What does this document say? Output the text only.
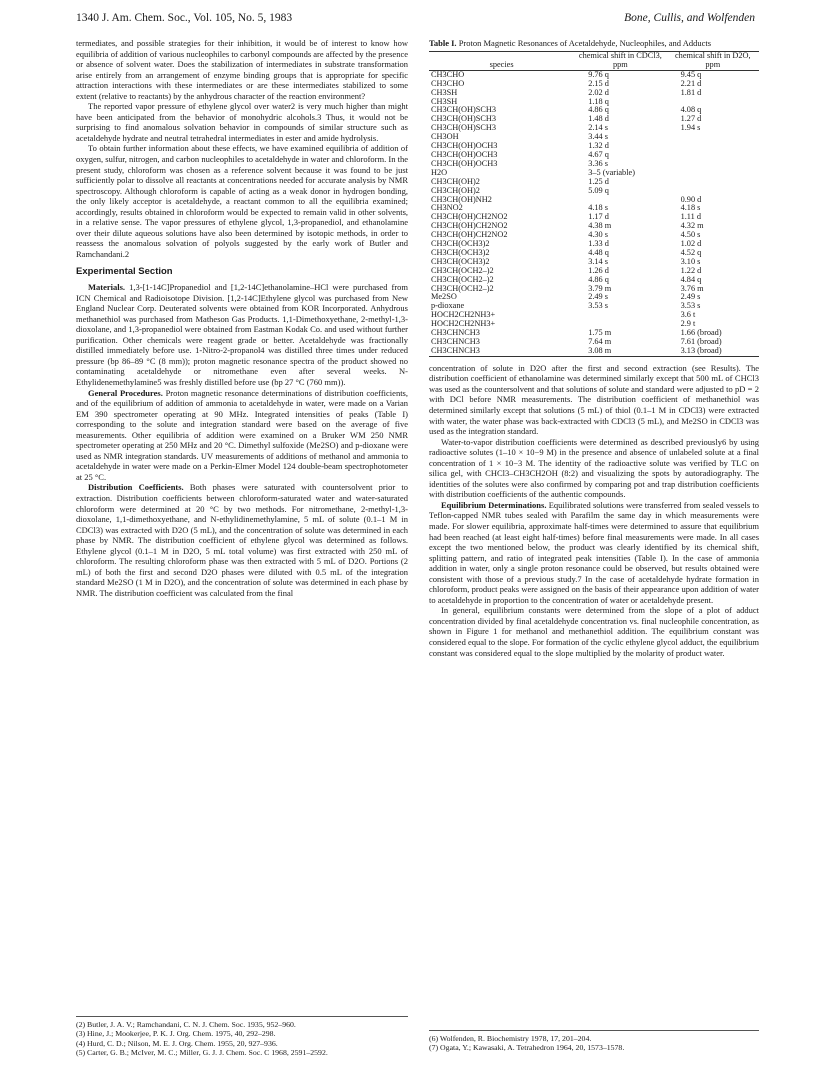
1340 J. Am. Chem. Soc., Vol. 105, No. 5, 1983	Bone, Cullis, and Wolfenden

termediates, and possible strategies for their inhibition, it would be of interest to know how equilibria of addition of various nucleophiles to carbonyl compounds are affected by the presence or absence of solvent water. Does the stabilization of intermediates in substrate transformation arise entirely from an arrangement of enzyme binding groups that is appropriate for specific attraction interactions with these intermediates or are these intermediates stabilized to some extent (relative to reactants) by the anhydrous character of the reaction environment?

The reported vapor pressure of ethylene glycol over water2 is very much higher than might have been anticipated from the behavior of monohydric alcohols.3 Thus, it would not be surprising to find anomalous solvation behavior in compounds of similar structure such as acetaldehyde hydrate and neutral tetrahedral intermediates in ester and amide hydrolysis.

To obtain further information about these effects, we have examined equilibria of addition of oxygen, sulfur, nitrogen, and carbon nucleophiles to acetaldehyde in water and chloroform. In the present study, chloroform was chosen as a reference solvent because it was found to be just sufficiently polar to dissolve all reactants at concentrations needed for accurate analysis by NMR spectroscopy. Although chloroform is capable of acting as a weak donor in hydrogen bonding, the only likely acceptor is acetaldehyde, a reactant common to all the equilibria examined; accordingly, results obtained in chloroform would be expected to remain valid in other solvents, in a relative sense. The vapor pressures of ethylene glycol, 1,3-propanediol, and ethanolamine over their dilute aqueous solutions have also been determined by isotopic methods, in order to reassess the anomalous solvation of polyols suggested by the early work of Butler and Ramchandani.2

Experimental Section

Materials. 1,3-[1-14C]Propanediol and [1,2-14C]ethanolamine–HCl were purchased from ICN Chemical and Radioisotope Division. [1,2-14C]Ethylene glycol was purchased from New England Nuclear Corp. Deuterated solvents were obtained from KOR Incorporated. Anhydrous methanethiol was purchased from Matheson Gas Products. 1,1-Dimethoxyethane, 2-methyl-1,3-dioxolane, and 1,3-propanediol were obtained from Eastman Kodak Co. and used without further purification. Other chemicals were reagent grade or better. Acetaldehyde was fractionally distilled immediately before use. 1-Nitro-2-propanol4 was distilled three times under reduced pressure (bp 86–89 °C (8 mm)); proton magnetic resonance spectra of the product showed no contaminating acetaldehyde or nitromethane even after several weeks. N-Ethylidenemethylamine5 was freshly distilled before use (bp 27 °C (760 mm)).

General Procedures. Proton magnetic resonance determinations of distribution coefficients, and of the equilibrium of addition of ammonia to acetaldehyde in water, were made on a Varian EM 390 spectrometer operating at 90 MHz. Integrated intensities of peaks (Table I) corresponding to the solute and integration standard were based on the average of five measurements. Other equilibria of addition were examined on a Bruker WM 250 NMR spectrometer operating at 250 MHz and 20 °C. Dimethyl sulfoxide (Me2SO) and p-dioxane were used as NMR integration standards. UV measurements of additions of methanol and ammonia to acetaldehyde in water were made on a Perkin-Elmer Model 124 double-beam spectrophotometer at 25 °C.

Distribution Coefficients. Both phases were saturated with countersolvent prior to extraction. Distribution coefficients between chloroform-saturated water and water-saturated chloroform were determined at 20 °C by two methods. For nitromethane, 2-methyl-1,3-dioxolane, 1,1-dimethoxyethane, and N-ethylidinemethylamine, 5 mL of solute (0.1–1 M in CDCl3) was extracted with D2O (5 mL), and the concentration of solute was determined in each phase by NMR. The distribution coefficient of ethylene glycol was determined as follows. Ethylene glycol (0.1–1 M in D2O, 5 mL total volume) was first extracted with 250 mL of chloroform. The resulting chloroform phase was then extracted with 5 mL of D2O. Portions (2 mL) of both the first and second D2O phases were diluted with 0.5 mL of the integration standard Me2SO (1 M in D2O), and the concentration of solute was determined in each phase by NMR. The distribution coefficient was calculated from the final

(2) Butler, J. A. V.; Ramchandani, C. N. J. Chem. Soc. 1935, 952–960.

(3) Hine, J.; Mookerjee, P. K. J. Org. Chem. 1975, 40, 292–298.

(4) Hurd, C. D.; Nilson, M. E. J. Org. Chem. 1955, 20, 927–936.

(5) Carter, G. B.; McIver, M. C.; Miller, G. J. J. Chem. Soc. C 1968, 2591–2592.

Table I. Proton Magnetic Resonances of Acetaldehyde, Nucleophiles, and Adducts
species	chemical shift in CDCl3, ppm	chemical shift in D2O, ppm
CH3CHO	9.76 q	9.45 q
CH3CHO	2.15 d	2.21 d
CH3SH	2.02 d	1.81 d
CH3SH	1.18 q	
CH3CH(OH)SCH3	4.86 q	4.08 q
CH3CH(OH)SCH3	1.48 d	1.27 d
CH3CH(OH)SCH3	2.14 s	1.94 s
CH3OH	3.44 s	
CH3CH(OH)OCH3	1.32 d	
CH3CH(OH)OCH3	4.67 q	
CH3CH(OH)OCH3	3.36 s	
H2O	3–5 (variable)	
CH3CH(OH)2	1.25 d	
CH3CH(OH)2	5.09 q	
CH3CH(OH)NH2		0.90 d
CH3NO2	4.18 s	4.18 s
CH3CH(OH)CH2NO2	1.17 d	1.11 d
CH3CH(OH)CH2NO2	4.38 m	4.32 m
CH3CH(OH)CH2NO2	4.30 s	4.50 s
CH3CH(OCH3)2	1.33 d	1.02 d
CH3CH(OCH3)2	4.48 q	4.52 q
CH3CH(OCH3)2	3.14 s	3.10 s
CH3CH(OCH2–)2	1.26 d	1.22 d
CH3CH(OCH2–)2	4.86 q	4.84 q
CH3CH(OCH2–)2	3.79 m	3.76 m
Me2SO	2.49 s	2.49 s
p-dioxane	3.53 s	3.53 s
HOCH2CH2NH3+		3.6 t
HOCH2CH2NH3+		2.9 t
CH3CHNCH3	1.75 m	1.66 (broad)
CH3CHNCH3	7.64 m	7.61 (broad)
CH3CHNCH3	3.08 m	3.13 (broad)

concentration of solute in D2O after the first and second extraction (see Results). The distribution coefficient of ethanolamine was determined similarly except that 500 mL of CHCl3 was used as the countersolvent and that solutions of solute and standard were adjusted to pD = 2 with DCl before NMR measurements. The distribution coefficient of methanethiol was determined similarly except that solutions (5 mL) of thiol (0.1–1 M in CDCl3) were extracted with water, the water phase was back-extracted with CDCl3 (5 mL), and Me2SO in CDCl3 was used as the integration standard.

Water-to-vapor distribution coefficients were determined as described previously6 by using radioactive solutes (1–10 × 10−9 M) in the presence and absence of unlabeled solute at a final concentration of 1 × 10−3 M. The identity of the radioactive solute was verified by TLC on silica gel, with CHCl3–CH3CH2OH (8:2) and visualizing the spots by autoradiography. The identities of the solutes were also confirmed by comparing pot and trap distribution coefficients with distribution coefficients of the authentic compounds.

Equilibrium Determinations. Equilibrated solutions were transferred from sealed vessels to Teflon-capped NMR tubes sealed with Parafilm the same day in which measurements were made. For slower equilibria, approximate half-times were determined to assure that equilibrium had been reached (at least eight half-times) before final measurements were made. In all cases except the two mentioned below, the product was clearly identified by its chemical shift, splitting pattern, and ratio of integrated peak intensities (Table I). In the case of ammonia addition in water, only a single proton resonance could be observed, but results obtained were consistent with those of a previous study.7 In the case of acetaldehyde hydrate formation in chloroform, product peaks were assigned on the basis of their appearance upon addition of water to acetaldehyde in proportion to the concentration of water or acetaldehyde present.

In general, equilibrium constants were determined from the slope of a plot of adduct concentration divided by final acetaldehyde concentration vs. final nucleophile concentration, as shown in Figure 1 for methanol and methanethiol addition. The equilibrium constant was considered equal to the slope. For formation of the cyclic ethylene glycol adduct, the equilibrium constant was considered equal to the slope multiplied by the molarity of product water.

(6) Wolfenden, R. Biochemistry 1978, 17, 201–204.

(7) Ogata, Y.; Kawasaki, A. Tetrahedron 1964, 20, 1573–1578.
